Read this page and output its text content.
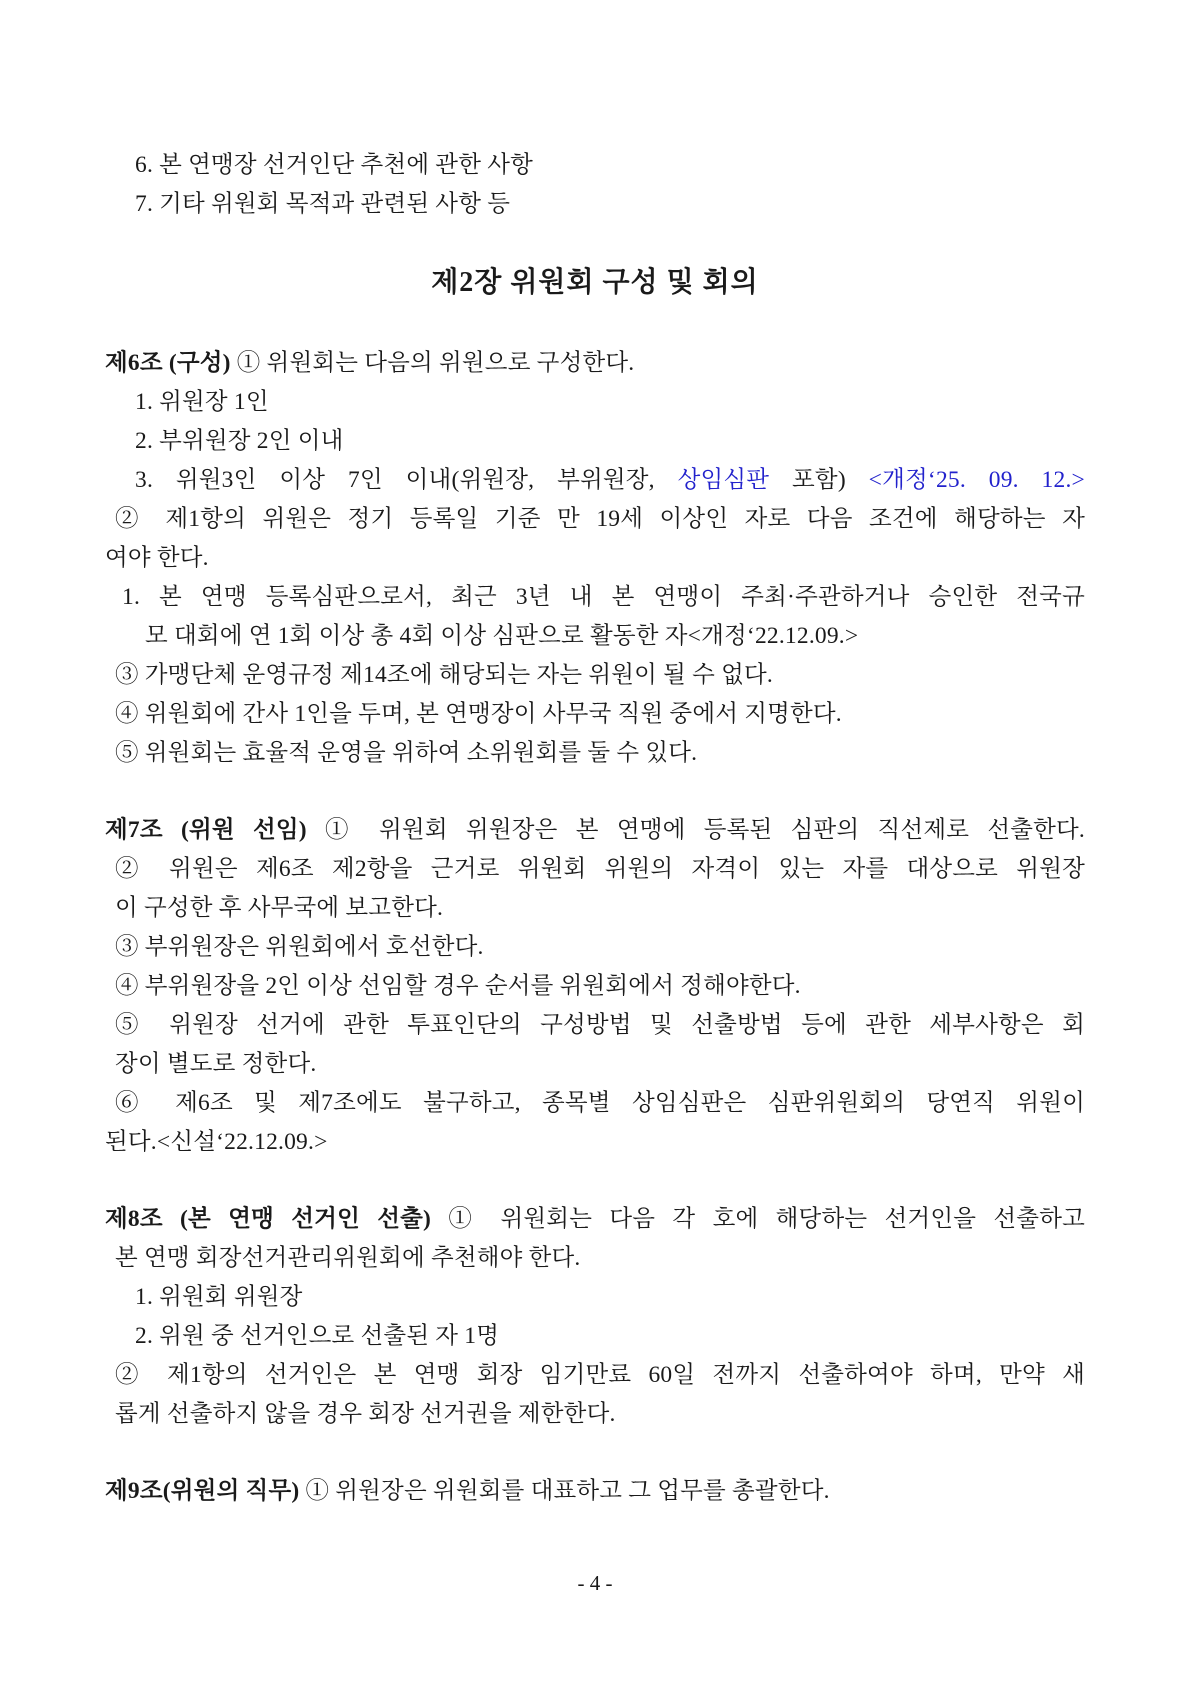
6. 본 연맹장 선거인단 추천에 관한 사항
7. 기타 위원회 목적과 관련된 사항 등
제2장 위원회 구성 및 회의
제6조 (구성) ① 위원회는 다음의 위원으로 구성한다.
1. 위원장 1인
2. 부위원장 2인 이내
3. 위원3인 이상 7인 이내(위원장, 부위원장, 상임심판 포함) <개정‘25. 09. 12.>
② 제1항의 위원은 정기 등록일 기준 만 19세 이상인 자로 다음 조건에 해당하는 자
여야 한다.
1. 본 연맹 등록심판으로서, 최근 3년 내 본 연맹이 주최·주관하거나 승인한 전국규
모 대회에 연 1회 이상 총 4회 이상 심판으로 활동한 자<개정‘22.12.09.>
③ 가맹단체 운영규정 제14조에 해당되는 자는 위원이 될 수 없다.
④ 위원회에 간사 1인을 두며, 본 연맹장이 사무국 직원 중에서 지명한다.
⑤ 위원회는 효율적 운영을 위하여 소위원회를 둘 수 있다.
제7조 (위원 선임) ① 위원회 위원장은 본 연맹에 등록된 심판의 직선제로 선출한다.
② 위원은 제6조 제2항을 근거로 위원회 위원의 자격이 있는 자를 대상으로 위원장
이 구성한 후 사무국에 보고한다.
③ 부위원장은 위원회에서 호선한다.
④ 부위원장을 2인 이상 선임할 경우 순서를 위원회에서 정해야한다.
⑤ 위원장 선거에 관한 투표인단의 구성방법 및 선출방법 등에 관한 세부사항은 회
장이 별도로 정한다.
⑥ 제6조 및 제7조에도 불구하고, 종목별 상임심판은 심판위원회의 당연직 위원이
된다.<신설‘22.12.09.>
제8조 (본 연맹 선거인 선출) ① 위원회는 다음 각 호에 해당하는 선거인을 선출하고
본 연맹 회장선거관리위원회에 추천해야 한다.
1. 위원회 위원장
2. 위원 중 선거인으로 선출된 자 1명
② 제1항의 선거인은 본 연맹 회장 임기만료 60일 전까지 선출하여야 하며, 만약 새
롭게 선출하지 않을 경우 회장 선거권을 제한한다.
제9조(위원의 직무) ① 위원장은 위원회를 대표하고 그 업무를 총괄한다.
- 4 -
